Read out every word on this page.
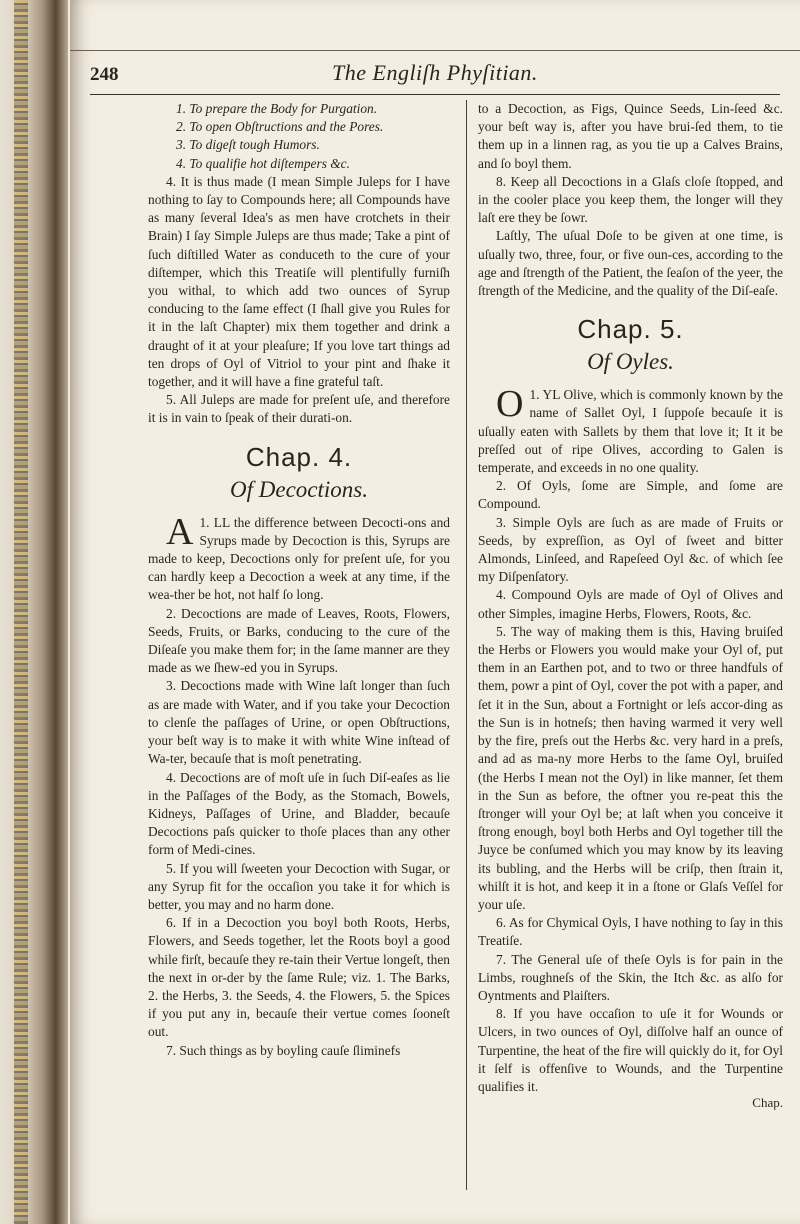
248	The Engliſh Phyſitian.

1. To prepare the Body for Purgation.

2. To open Obſtructions and the Pores.

3. To digeſt tough Humors.

4. To qualifie hot diſtempers &c.

4. It is thus made (I mean Simple Juleps for I have nothing to ſay to Compounds here; all Compounds have as many ſeveral Idea's as men have crotchets in their Brain) I ſay Simple Juleps are thus made; Take a pint of ſuch diſtilled Water as conduceth to the cure of your diſtemper, which this Treatiſe will plentifully furniſh you withal, to which add two ounces of Syrup conducing to the ſame effect (I ſhall give you Rules for it in the laſt Chapter) mix them together and drink a draught of it at your pleaſure; If you love tart things ad ten drops of Oyl of Vitriol to your pint and ſhake it together, and it will have a fine grateful taſt.

5. All Juleps are made for preſent uſe, and therefore it is in vain to ſpeak of their durati-on.

Chap. 4.
Of Decoctions.

A 1. LL the difference between Decocti-ons and Syrups made by Decoction is this, Syrups are made to keep, Decoctions only for preſent uſe, for you can hardly keep a Decoction a week at any time, if the wea-ther be hot, not half ſo long.

2. Decoctions are made of Leaves, Roots, Flowers, Seeds, Fruits, or Barks, conducing to the cure of the Diſeaſe you make them for; in the ſame manner are they made as we ſhew-ed you in Syrups.

3. Decoctions made with Wine laſt longer than ſuch as are made with Water, and if you take your Decoction to clenſe the paſſages of Urine, or open Obſtructions, your beſt way is to make it with white Wine inſtead of Wa-ter, becauſe that is moſt penetrating.

4. Decoctions are of moſt uſe in ſuch Diſ-eaſes as lie in the Paſſages of the Body, as the Stomach, Bowels, Kidneys, Paſſages of Urine, and Bladder, becauſe Decoctions paſs quicker to thoſe places than any other form of Medi-cines.

5. If you will ſweeten your Decoction with Sugar, or any Syrup fit for the occaſion you take it for which is better, you may and no harm done.

6. If in a Decoction you boyl both Roots, Herbs, Flowers, and Seeds together, let the Roots boyl a good while firſt, becauſe they re-tain their Vertue longeſt, then the next in or-der by the ſame Rule; viz. 1. The Barks, 2. the Herbs, 3. the Seeds, 4. the Flowers, 5. the Spices if you put any in, becauſe their vertue comes ſooneſt out.

7. Such things as by boyling cauſe ſliminefs

to a Decoction, as Figs, Quince Seeds, Lin-ſeed &c. your beſt way is, after you have brui-ſed them, to tie them up in a linnen rag, as you tie up a Calves Brains, and ſo boyl them.

8. Keep all Decoctions in a Glaſs cloſe ſtopped, and in the cooler place you keep them, the longer will they laſt ere they be ſowr.

Laſtly, The uſual Doſe to be given at one time, is uſually two, three, four, or five oun-ces, according to the age and ſtrength of the Patient, the ſeaſon of the yeer, the ſtrength of the Medicine, and the quality of the Diſ-eaſe.

Chap. 5.
Of Oyles.

O 1. YL Olive, which is commonly known by the name of Sallet Oyl, I ſuppoſe becauſe it is uſually eaten with Sallets by them that love it; It it be preſſed out of ripe Olives, according to Galen is temperate, and exceeds in no one quality.

2. Of Oyls, ſome are Simple, and ſome are Compound.

3. Simple Oyls are ſuch as are made of Fruits or Seeds, by expreſſion, as Oyl of ſweet and bitter Almonds, Linſeed, and Rapeſeed Oyl &c. of which ſee my Diſpenſatory.

4. Compound Oyls are made of Oyl of Olives and other Simples, imagine Herbs, Flowers, Roots, &c.

5. The way of making them is this, Having bruiſed the Herbs or Flowers you would make your Oyl of, put them in an Earthen pot, and to two or three handfuls of them, powr a pint of Oyl, cover the pot with a paper, and ſet it in the Sun, about a Fortnight or leſs accor-ding as the Sun is in hotneſs; then having warmed it very well by the fire, preſs out the Herbs &c. very hard in a preſs, and ad as ma-ny more Herbs to the ſame Oyl, bruiſed (the Herbs I mean not the Oyl) in like manner, ſet them in the Sun as before, the oftner you re-peat this the ſtronger will your Oyl be; at laſt when you conceive it ſtrong enough, boyl both Herbs and Oyl together till the Juyce be conſumed which you may know by its leaving its bubling, and the Herbs will be criſp, then ſtrain it, whilſt it is hot, and keep it in a ſtone or Glaſs Veſſel for your uſe.

6. As for Chymical Oyls, I have nothing to ſay in this Treatiſe.

7. The General uſe of theſe Oyls is for pain in the Limbs, roughneſs of the Skin, the Itch &c. as alſo for Oyntments and Plaiſters.

8. If you have occaſion to uſe it for Wounds or Ulcers, in two ounces of Oyl, diſſolve half an ounce of Turpentine, the heat of the fire will quickly do it, for Oyl it ſelf is offenſive to Wounds, and the Turpentine qualifies it.

Chap.
